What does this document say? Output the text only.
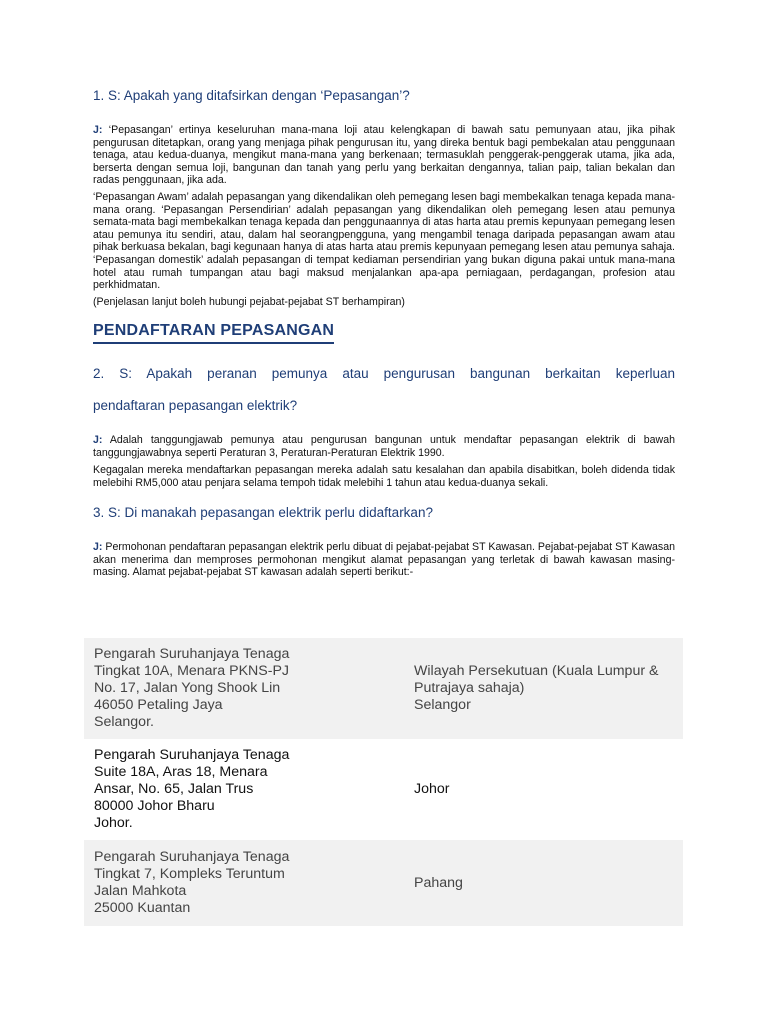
1. S: Apakah yang ditafsirkan dengan ‘Pepasangan’?

J: ‘Pepasangan’ ertinya keseluruhan mana-mana loji atau kelengkapan di bawah satu pemunyaan atau, jika pihak pengurusan ditetapkan, orang yang menjaga pihak pengurusan itu, yang direka bentuk bagi pembekalan atau penggunaan tenaga, atau kedua-duanya, mengikut mana-mana yang berkenaan; termasuklah penggerak-penggerak utama, jika ada, berserta dengan semua loji, bangunan dan tanah yang perlu yang berkaitan dengannya, talian paip, talian bekalan dan radas penggunaan, jika ada.

‘Pepasangan Awam’ adalah pepasangan yang dikendalikan oleh pemegang lesen bagi membekalkan tenaga kepada mana-mana orang. ‘Pepasangan Persendirian’ adalah pepasangan yang dikendalikan oleh pemegang lesen atau pemunya semata-mata bagi membekalkan tenaga kepada dan penggunaannya di atas harta atau premis kepunyaan pemegang lesen atau pemunya itu sendiri, atau, dalam hal seorangpengguna, yang mengambil tenaga daripada pepasangan awam atau pihak berkuasa bekalan, bagi kegunaan hanya di atas harta atau premis kepunyaan pemegang lesen atau pemunya sahaja. ‘Pepasangan domestik’ adalah pepasangan di tempat kediaman persendirian yang bukan diguna pakai untuk mana-mana hotel atau rumah tumpangan atau bagi maksud menjalankan apa-apa perniagaan, perdagangan, profesion atau perkhidmatan.

(Penjelasan lanjut boleh hubungi pejabat-pejabat ST berhampiran)

PENDAFTARAN PEPASANGAN

2. S: Apakah peranan pemunya atau pengurusan bangunan berkaitan keperluan

pendaftaran pepasangan elektrik?

J: Adalah tanggungjawab pemunya atau pengurusan bangunan untuk mendaftar pepasangan elektrik di bawah tanggungjawabnya seperti Peraturan 3, Peraturan-Peraturan Elektrik 1990.

Kegagalan mereka mendaftarkan pepasangan mereka adalah satu kesalahan dan apabila disabitkan, boleh didenda tidak melebihi RM5,000 atau penjara selama tempoh tidak melebihi 1 tahun atau kedua-duanya sekali.

3. S: Di manakah pepasangan elektrik perlu didaftarkan?

J: Permohonan pendaftaran pepasangan elektrik perlu dibuat di pejabat-pejabat ST Kawasan. Pejabat-pejabat ST Kawasan akan menerima dan memproses permohonan mengikut alamat pepasangan yang terletak di bawah kawasan masing-masing. Alamat pejabat-pejabat ST kawasan adalah seperti berikut:-

Pengarah Suruhanjaya Tenaga
Tingkat 10A, Menara PKNS-PJ
No. 17, Jalan Yong Shook Lin
46050 Petaling Jaya
Selangor.	Wilayah Persekutuan (Kuala Lumpur &
Putrajaya sahaja)
Selangor

Pengarah Suruhanjaya Tenaga
Suite 18A, Aras 18, Menara
Ansar, No. 65, Jalan Trus
80000 Johor Bharu
Johor.	Johor

Pengarah Suruhanjaya Tenaga
Tingkat 7, Kompleks Teruntum
Jalan Mahkota
25000 Kuantan	Pahang
